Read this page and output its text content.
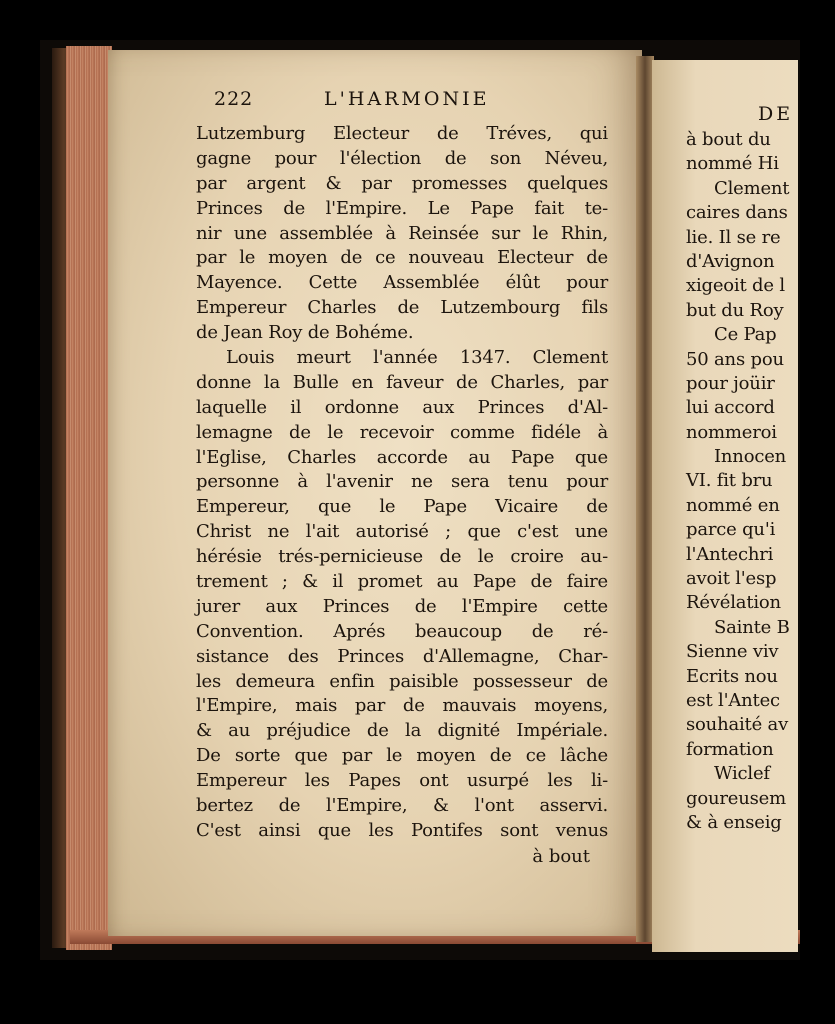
DE
à bout du
nommé Hi
Clement
caires dans
lie. Il se re
d'Avignon
xigeoit de l
but du Roy
Ce Pap
50 ans pou
pour joüir
lui accord
nommeroi
Innocen
VI. fit bru
nommé en
parce qu'i
l'Antechri
avoit l'esp
Révélation
Sainte B
Sienne viv
Ecrits nou
est l'Antec
souhaité av
formation
Wiclef
goureusem
& à enseig
222	L'HARMONIE
Lutzemburg Electeur de Tréves, qui
gagne pour l'élection de son Néveu,
par argent & par promesses quelques
Princes de l'Empire. Le Pape fait te-
nir une assemblée à Reinsée sur le Rhin,
par le moyen de ce nouveau Electeur de
Mayence. Cette Assemblée élût pour
Empereur Charles de Lutzembourg fils
de Jean Roy de Bohéme.
Louis meurt l'année 1347. Clement
donne la Bulle en faveur de Charles, par
laquelle il ordonne aux Princes d'Al-
lemagne de le recevoir comme fidéle à
l'Eglise, Charles accorde au Pape que
personne à l'avenir ne sera tenu pour
Empereur, que le Pape Vicaire de
Christ ne l'ait autorisé ; que c'est une
hérésie trés-pernicieuse de le croire au-
trement ; & il promet au Pape de faire
jurer aux Princes de l'Empire cette
Convention. Aprés beaucoup de ré-
sistance des Princes d'Allemagne, Char-
les demeura enfin paisible possesseur de
l'Empire, mais par de mauvais moyens,
& au préjudice de la dignité Impériale.
De sorte que par le moyen de ce lâche
Empereur les Papes ont usurpé les li-
bertez de l'Empire, & l'ont asservi.
C'est ainsi que les Pontifes sont venus
à bout
